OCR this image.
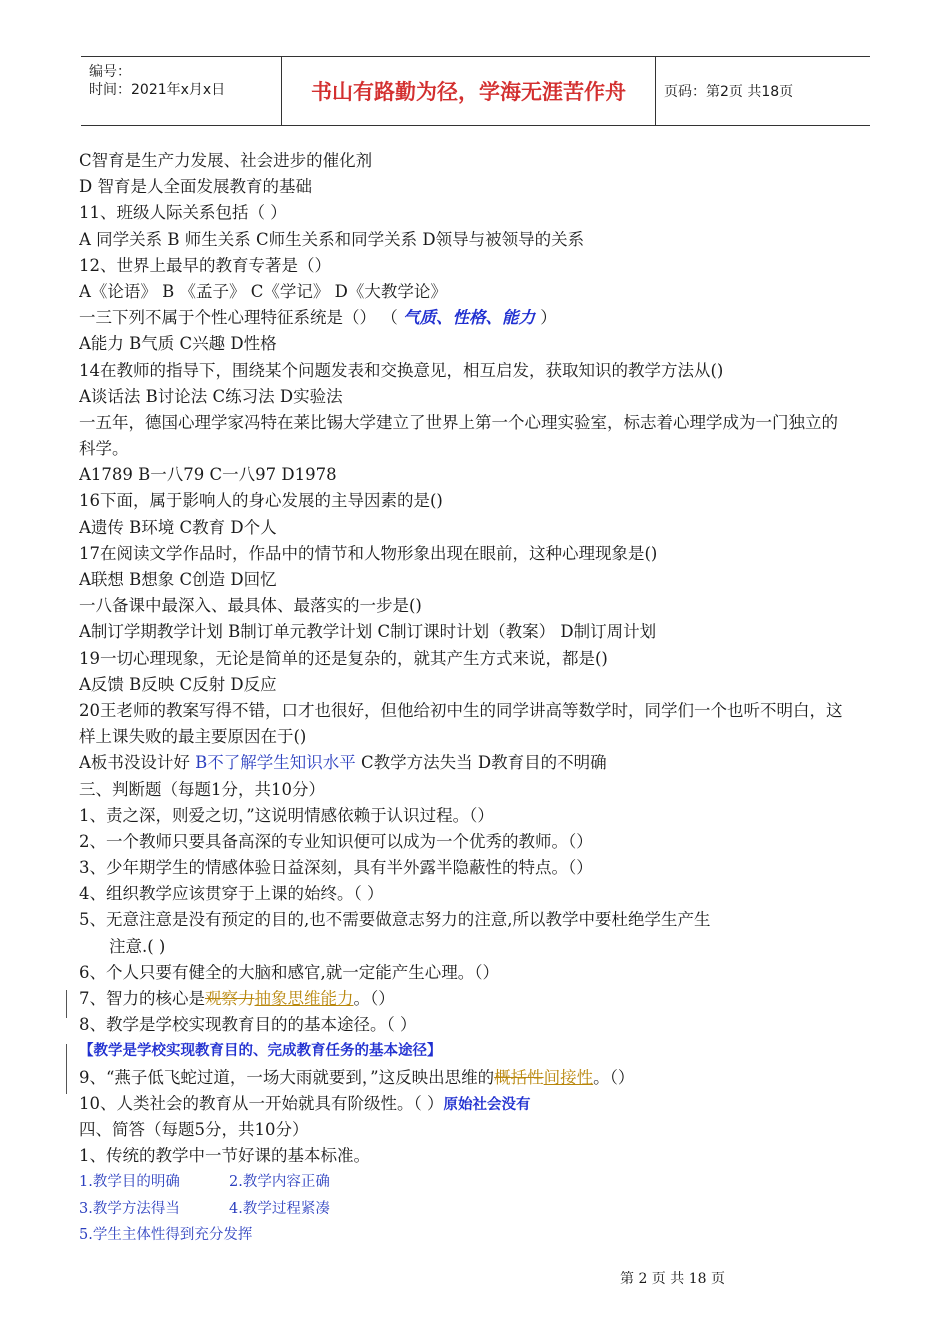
编号：
时间：2021年x月x日	书山有路勤为径，学海无涯苦作舟	页码：第2页 共18页
C智育是生产力发展、社会进步的催化剂
D 智育是人全面发展教育的基础
11、班级人际关系包括（ ）
A 同学关系 B 师生关系 C师生关系和同学关系 D领导与被领导的关系
12、世界上最早的教育专著是（）
A《论语》 B 《孟子》 C《学记》 D《大教学论》
一三下列不属于个性心理特征系统是（） （ 气质、性格、能力 ）
A能力 B气质 C兴趣 D性格
14在教师的指导下，围绕某个问题发表和交换意见，相互启发，获取知识的教学方法从()
A谈话法 B讨论法 C练习法 D实验法
一五年，德国心理学家冯特在莱比锡大学建立了世界上第一个心理实验室，标志着心理学成为一门独立的
科学。
A1789 B一八79 C一八97 D1978
16下面，属于影响人的身心发展的主导因素的是()
A遗传 B环境 C教育 D个人
17在阅读文学作品时，作品中的情节和人物形象出现在眼前，这种心理现象是()
A联想 B想象 C创造 D回忆
一八备课中最深入、最具体、最落实的一步是()
A制订学期教学计划 B制订单元教学计划 C制订课时计划（教案） D制订周计划
19一切心理现象，无论是简单的还是复杂的，就其产生方式来说，都是()
A反馈 B反映 C反射 D反应
20王老师的教案写得不错，口才也很好，但他给初中生的同学讲高等数学时，同学们一个也听不明白，这
样上课失败的最主要原因在于()
A板书没设计好 B不了解学生知识水平 C教学方法失当 D教育目的不明确
三、判断题（每题1分，共10分）
1、责之深，则爱之切，”这说明情感依赖于认识过程。（）
2、一个教师只要具备高深的专业知识便可以成为一个优秀的教师。（）
3、少年期学生的情感体验日益深刻，具有半外露半隐蔽性的特点。（）
4、组织教学应该贯穿于上课的始终。（ ）
5、无意注意是没有预定的目的,也不需要做意志努力的注意,所以教学中要杜绝学生产生
注意.( )
6、个人只要有健全的大脑和感官,就一定能产生心理。（）
7、智力的核心是观察力抽象思维能力。（）
8、教学是学校实现教育目的的基本途径。（ ）
【教学是学校实现教育目的、完成教育任务的基本途径】
9、“燕子低飞蛇过道，一场大雨就要到，”这反映出思维的概括性间接性。（）
10、人类社会的教育从一开始就具有阶级性。（ ）原始社会没有
四、简答（每题5分，共10分）
1、传统的教学中一节好课的基本标准。
1.教学目的明确	2.教学内容正确
3.教学方法得当	4.教学过程紧凑
5.学生主体性得到充分发挥
第 2 页 共 18 页
